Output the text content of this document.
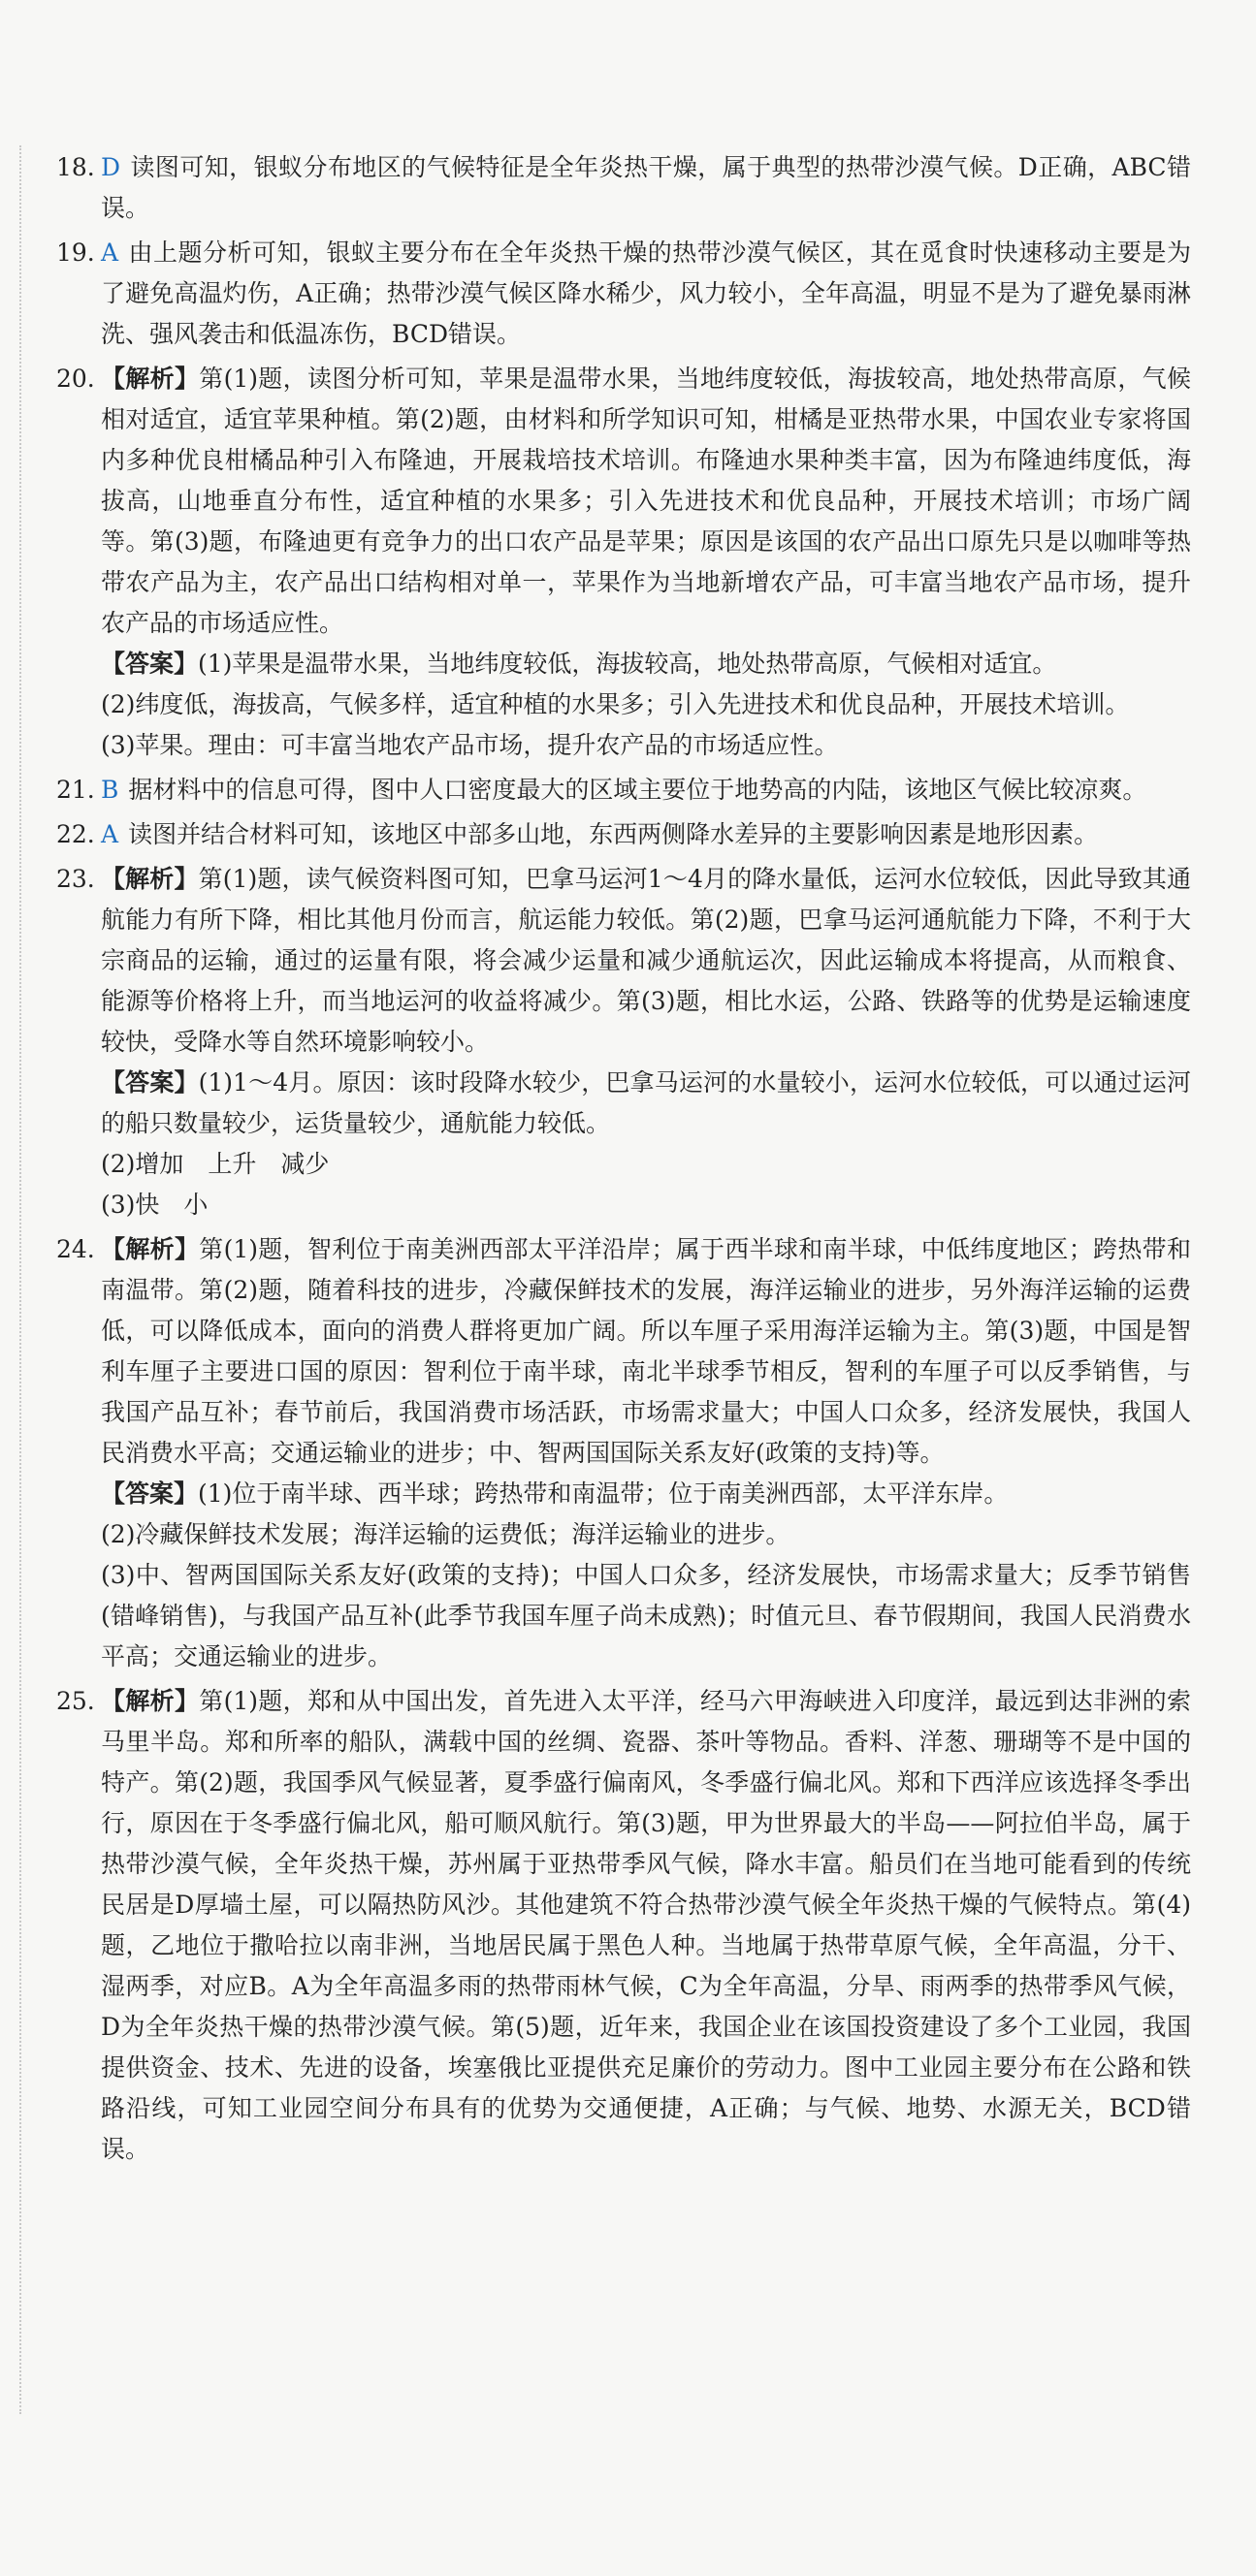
18. D 读图可知，银蚁分布地区的气候特征是全年炎热干燥，属于典型的热带沙漠气候。D正确，ABC错误。
19. A 由上题分析可知，银蚁主要分布在全年炎热干燥的热带沙漠气候区，其在觅食时快速移动主要是为了避免高温灼伤，A正确；热带沙漠气候区降水稀少，风力较小，全年高温，明显不是为了避免暴雨淋洗、强风袭击和低温冻伤，BCD错误。
20. 【解析】第(1)题，读图分析可知，苹果是温带水果，当地纬度较低，海拔较高，地处热带高原，气候相对适宜，适宜苹果种植。第(2)题，由材料和所学知识可知，柑橘是亚热带水果，中国农业专家将国内多种优良柑橘品种引入布隆迪，开展栽培技术培训。布隆迪水果种类丰富，因为布隆迪纬度低，海拔高，山地垂直分布性，适宜种植的水果多；引入先进技术和优良品种，开展技术培训；市场广阔等。第(3)题，布隆迪更有竞争力的出口农产品是苹果；原因是该国的农产品出口原先只是以咖啡等热带农产品为主，农产品出口结构相对单一，苹果作为当地新增农产品，可丰富当地农产品市场，提升农产品的市场适应性。
【答案】(1)苹果是温带水果，当地纬度较低，海拔较高，地处热带高原，气候相对适宜。
(2)纬度低，海拔高，气候多样，适宜种植的水果多；引入先进技术和优良品种，开展技术培训。
(3)苹果。理由：可丰富当地农产品市场，提升农产品的市场适应性。
21. B 据材料中的信息可得，图中人口密度最大的区域主要位于地势高的内陆，该地区气候比较凉爽。
22. A 读图并结合材料可知，该地区中部多山地，东西两侧降水差异的主要影响因素是地形因素。
23. 【解析】第(1)题，读气候资料图可知，巴拿马运河1～4月的降水量低，运河水位较低，因此导致其通航能力有所下降，相比其他月份而言，航运能力较低。第(2)题，巴拿马运河通航能力下降，不利于大宗商品的运输，通过的运量有限，将会减少运量和减少通航运次，因此运输成本将提高，从而粮食、能源等价格将上升，而当地运河的收益将减少。第(3)题，相比水运，公路、铁路等的优势是运输速度较快，受降水等自然环境影响较小。
【答案】(1)1～4月。原因：该时段降水较少，巴拿马运河的水量较小，运河水位较低，可以通过运河的船只数量较少，运货量较少，通航能力较低。
(2)增加　上升　减少
(3)快　小
24. 【解析】第(1)题，智利位于南美洲西部太平洋沿岸；属于西半球和南半球，中低纬度地区；跨热带和南温带。第(2)题，随着科技的进步，冷藏保鲜技术的发展，海洋运输业的进步，另外海洋运输的运费低，可以降低成本，面向的消费人群将更加广阔。所以车厘子采用海洋运输为主。第(3)题，中国是智利车厘子主要进口国的原因：智利位于南半球，南北半球季节相反，智利的车厘子可以反季销售，与我国产品互补；春节前后，我国消费市场活跃，市场需求量大；中国人口众多，经济发展快，我国人民消费水平高；交通运输业的进步；中、智两国国际关系友好(政策的支持)等。
【答案】(1)位于南半球、西半球；跨热带和南温带；位于南美洲西部，太平洋东岸。
(2)冷藏保鲜技术发展；海洋运输的运费低；海洋运输业的进步。
(3)中、智两国国际关系友好(政策的支持)；中国人口众多，经济发展快，市场需求量大；反季节销售(错峰销售)，与我国产品互补(此季节我国车厘子尚未成熟)；时值元旦、春节假期间，我国人民消费水平高；交通运输业的进步。
25. 【解析】第(1)题，郑和从中国出发，首先进入太平洋，经马六甲海峡进入印度洋，最远到达非洲的索马里半岛。郑和所率的船队，满载中国的丝绸、瓷器、茶叶等物品。香料、洋葱、珊瑚等不是中国的特产。第(2)题，我国季风气候显著，夏季盛行偏南风，冬季盛行偏北风。郑和下西洋应该选择冬季出行，原因在于冬季盛行偏北风，船可顺风航行。第(3)题，甲为世界最大的半岛——阿拉伯半岛，属于热带沙漠气候，全年炎热干燥，苏州属于亚热带季风气候，降水丰富。船员们在当地可能看到的传统民居是D厚墙土屋，可以隔热防风沙。其他建筑不符合热带沙漠气候全年炎热干燥的气候特点。第(4)题，乙地位于撒哈拉以南非洲，当地居民属于黑色人种。当地属于热带草原气候，全年高温，分干、湿两季，对应B。A为全年高温多雨的热带雨林气候，C为全年高温，分旱、雨两季的热带季风气候，D为全年炎热干燥的热带沙漠气候。第(5)题，近年来，我国企业在该国投资建设了多个工业园，我国提供资金、技术、先进的设备，埃塞俄比亚提供充足廉价的劳动力。图中工业园主要分布在公路和铁路沿线，可知工业园空间分布具有的优势为交通便捷，A正确；与气候、地势、水源无关，BCD错误。
